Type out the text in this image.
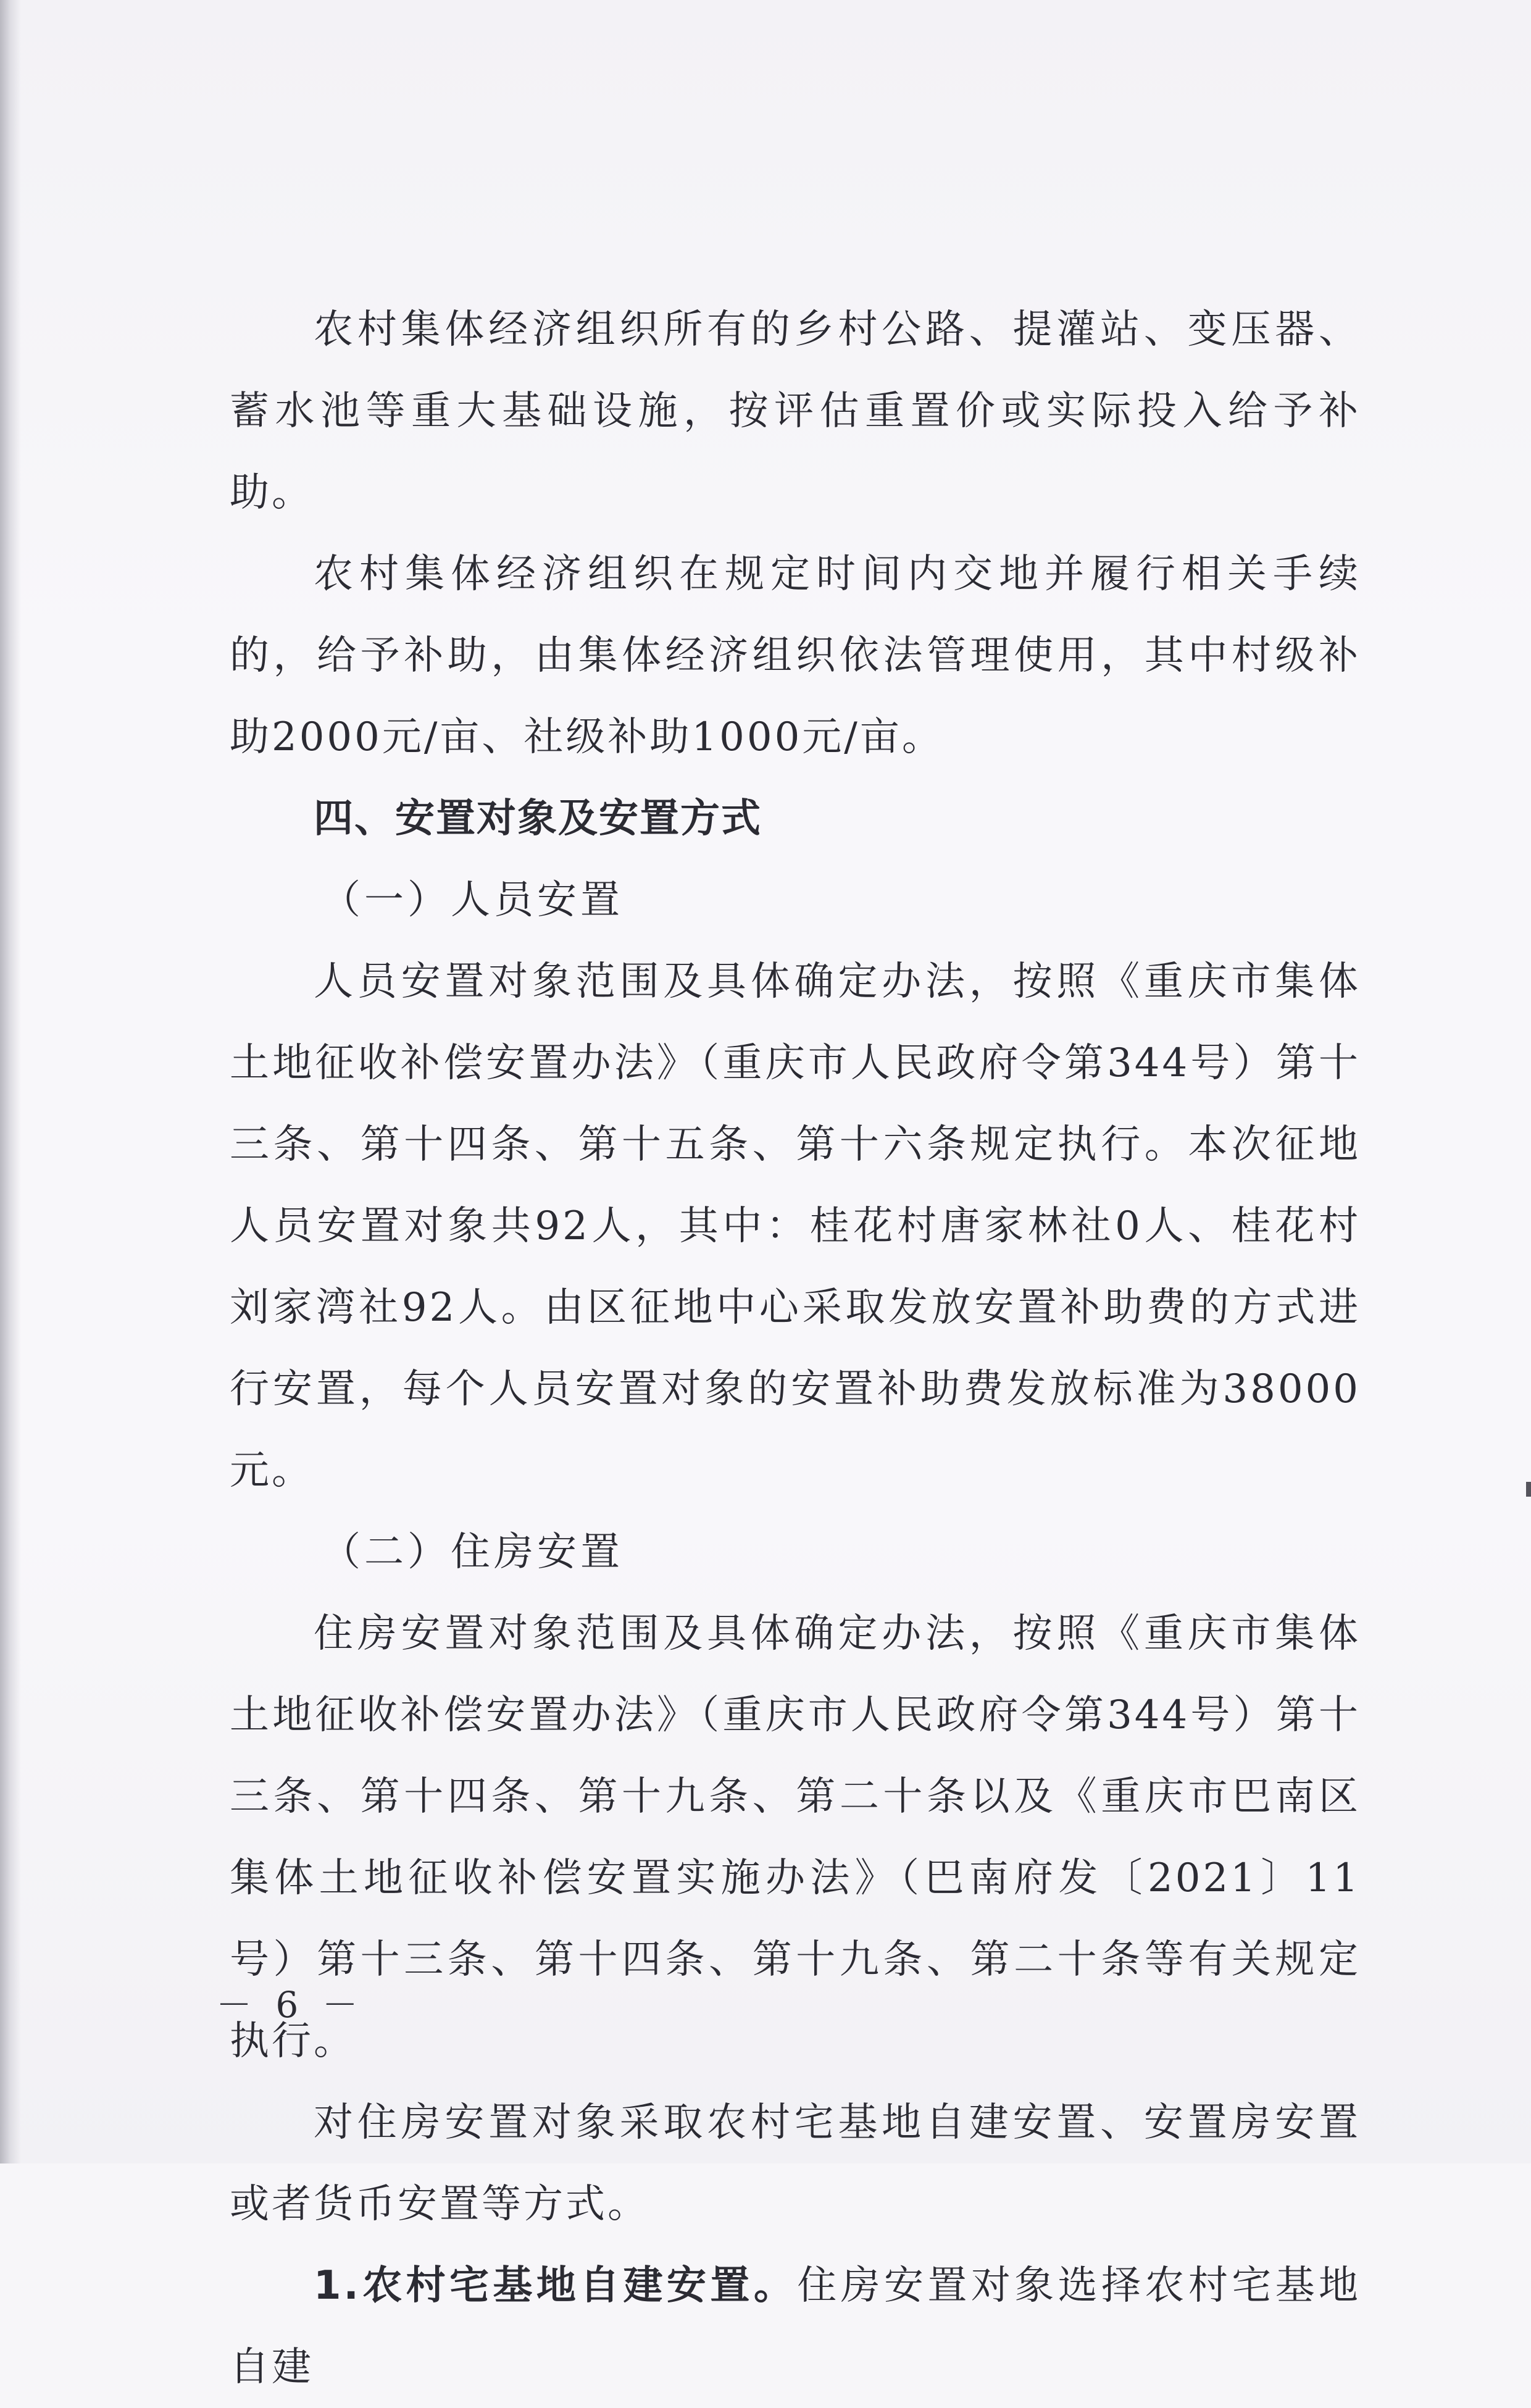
农村集体经济组织所有的乡村公路、提灌站、变压器、蓄水池等重大基础设施，按评估重置价或实际投入给予补助。

农村集体经济组织在规定时间内交地并履行相关手续的，给予补助，由集体经济组织依法管理使用，其中村级补助2000元/亩、社级补助1000元/亩。

四、安置对象及安置方式

（一）人员安置

人员安置对象范围及具体确定办法，按照《重庆市集体土地征收补偿安置办法》（重庆市人民政府令第344号）第十三条、第十四条、第十五条、第十六条规定执行。本次征地人员安置对象共92人，其中：桂花村唐家林社0人、桂花村刘家湾社92人。由区征地中心采取发放安置补助费的方式进行安置，每个人员安置对象的安置补助费发放标准为38000元。

（二）住房安置

住房安置对象范围及具体确定办法，按照《重庆市集体土地征收补偿安置办法》（重庆市人民政府令第344号）第十三条、第十四条、第十九条、第二十条以及《重庆市巴南区集体土地征收补偿安置实施办法》（巴南府发〔2021〕11号）第十三条、第十四条、第十九条、第二十条等有关规定执行。

对住房安置对象采取农村宅基地自建安置、安置房安置或者货币安置等方式。

1.农村宅基地自建安置。住房安置对象选择农村宅基地自建

－ 6 －
